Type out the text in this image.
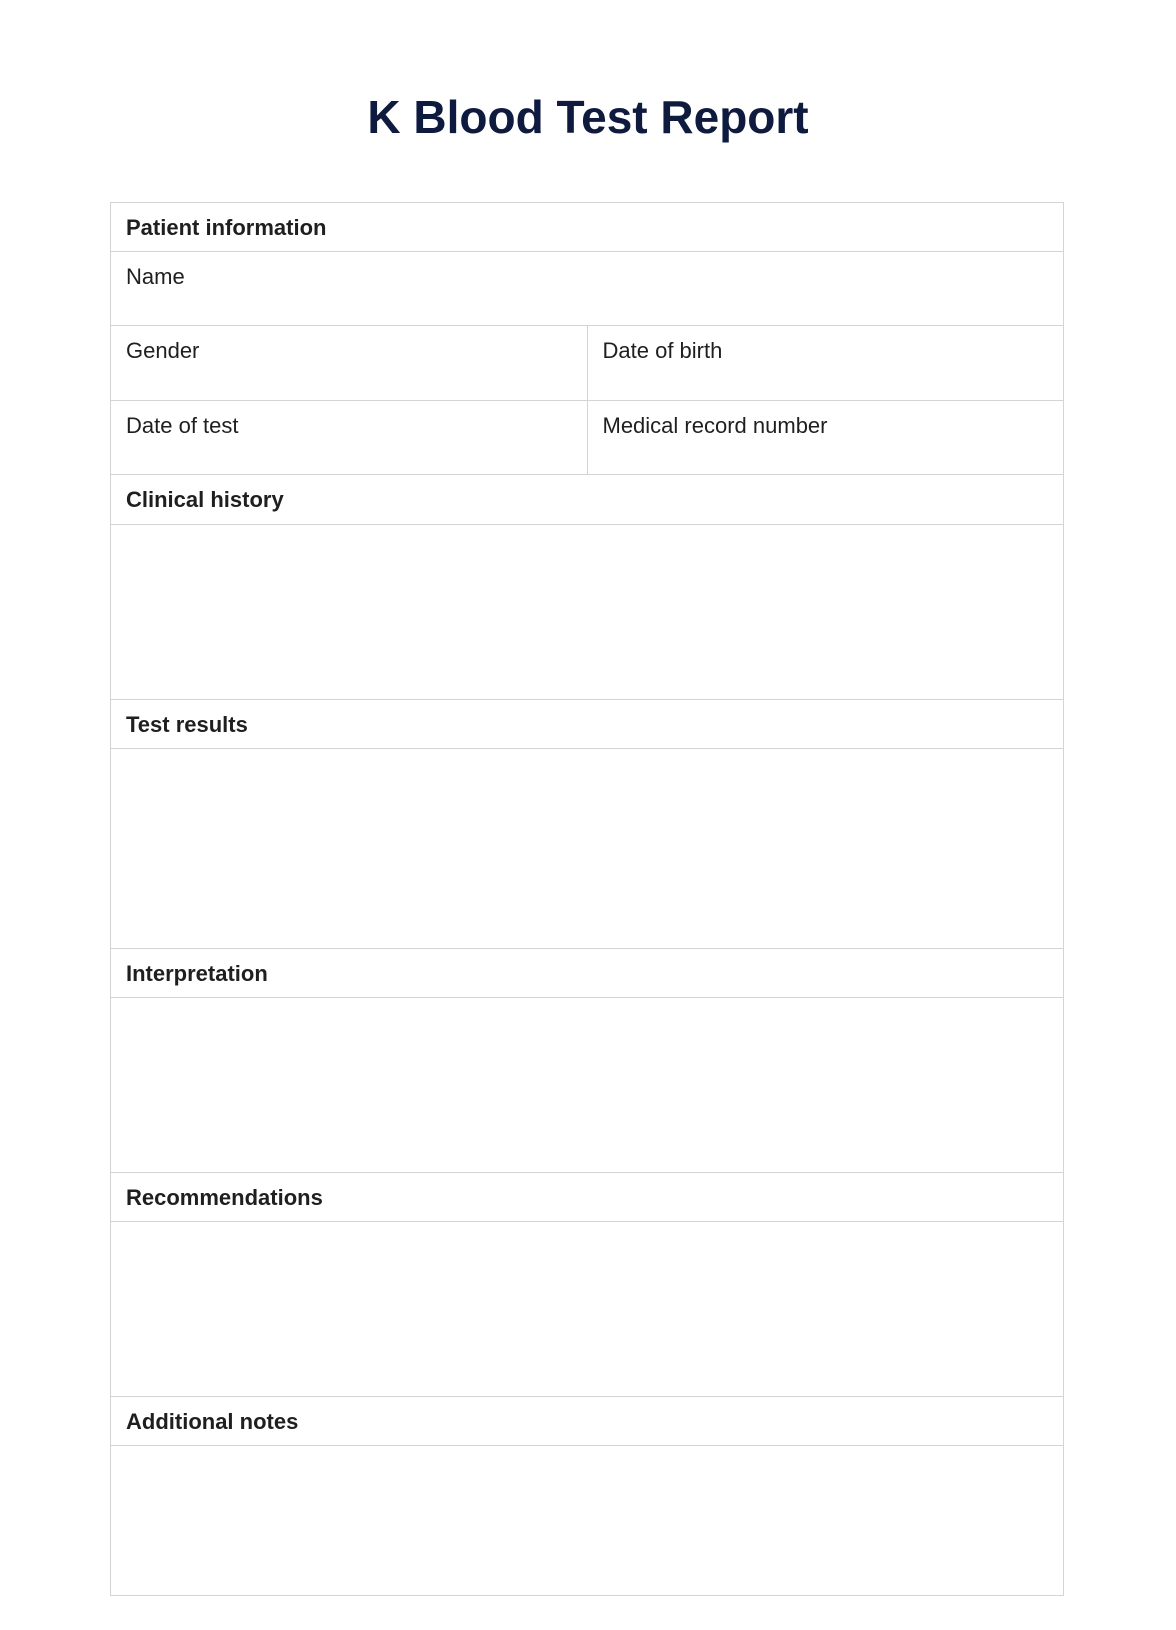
K Blood Test Report
Patient information
Name
Gender	Date of birth
Date of test	Medical record number
Clinical history
Test results
Interpretation
Recommendations
Additional notes
